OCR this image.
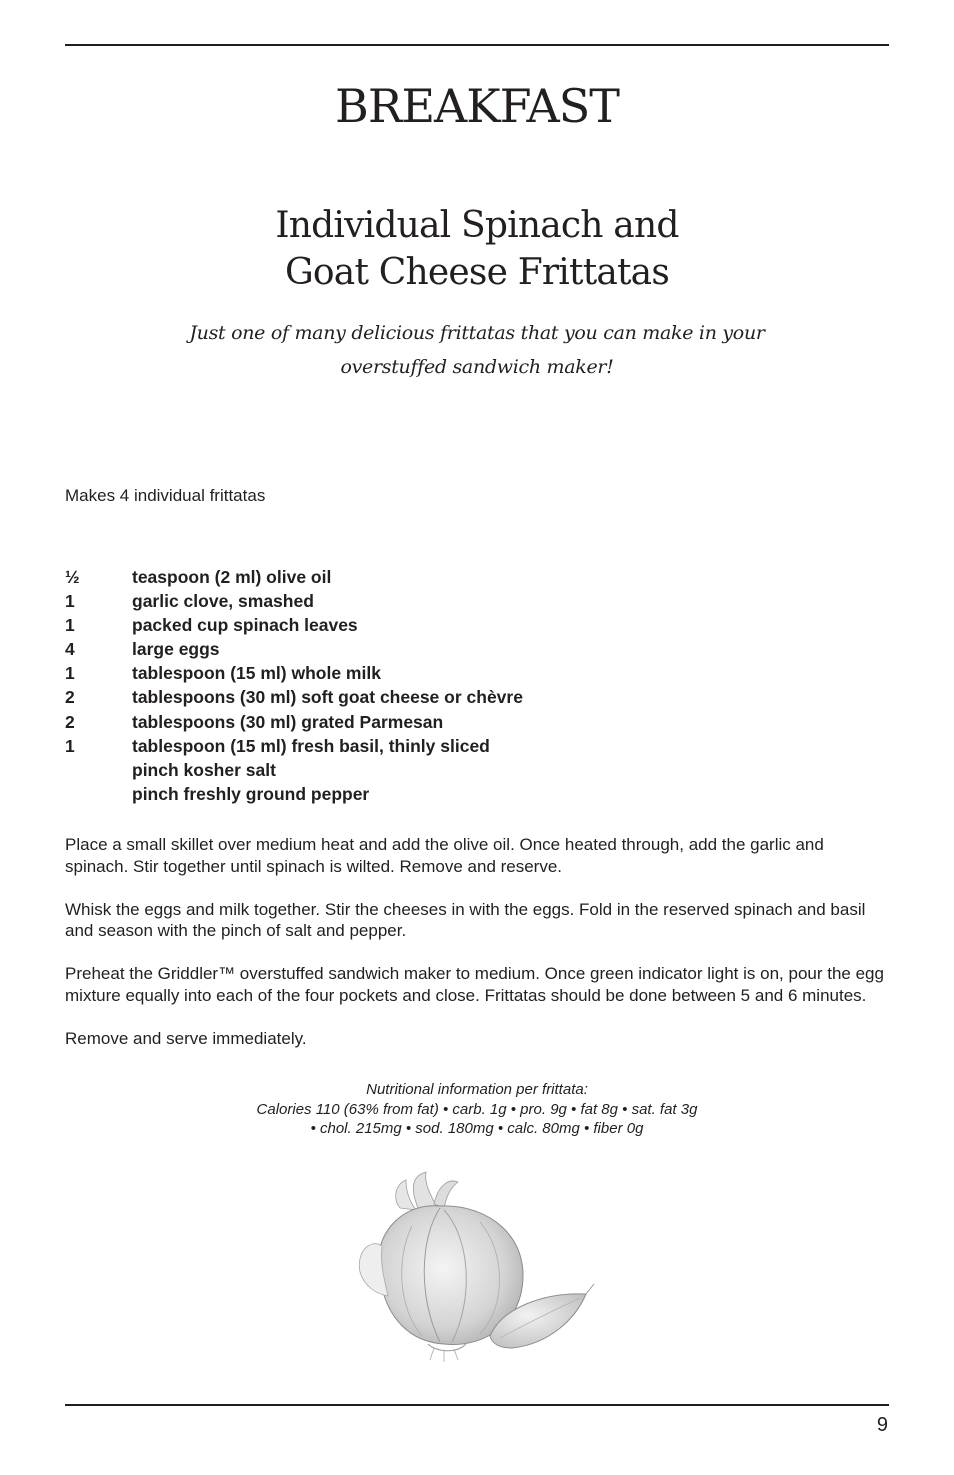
BREAKFAST
Individual Spinach and
Goat Cheese Frittatas

Just one of many delicious frittatas that you can make in your overstuffed sandwich maker!

Makes 4 individual frittatas

½	teaspoon (2 ml) olive oil
1	garlic clove, smashed
1	packed cup spinach leaves
4	large eggs
1	tablespoon (15 ml) whole milk
2	tablespoons (30 ml) soft goat cheese or chèvre
2	tablespoons (30 ml) grated Parmesan
1	tablespoon (15 ml) fresh basil, thinly sliced
pinch kosher salt
pinch freshly ground pepper

Place a small skillet over medium heat and add the olive oil. Once heated through, add the garlic and spinach. Stir together until spinach is wilted. Remove and reserve.

Whisk the eggs and milk together. Stir the cheeses in with the eggs. Fold in the reserved spinach and basil and season with the pinch of salt and pepper.

Preheat the Griddler™ overstuffed sandwich maker to medium. Once green indicator light is on, pour the egg mixture equally into each of the four pockets and close. Frittatas should be done between 5 and 6 minutes.

Remove and serve immediately.

Nutritional information per frittata:
Calories 110 (63% from fat) • carb. 1g • pro. 9g • fat 8g • sat. fat 3g
• chol. 215mg • sod. 180mg • calc. 80mg • fiber 0g

9
